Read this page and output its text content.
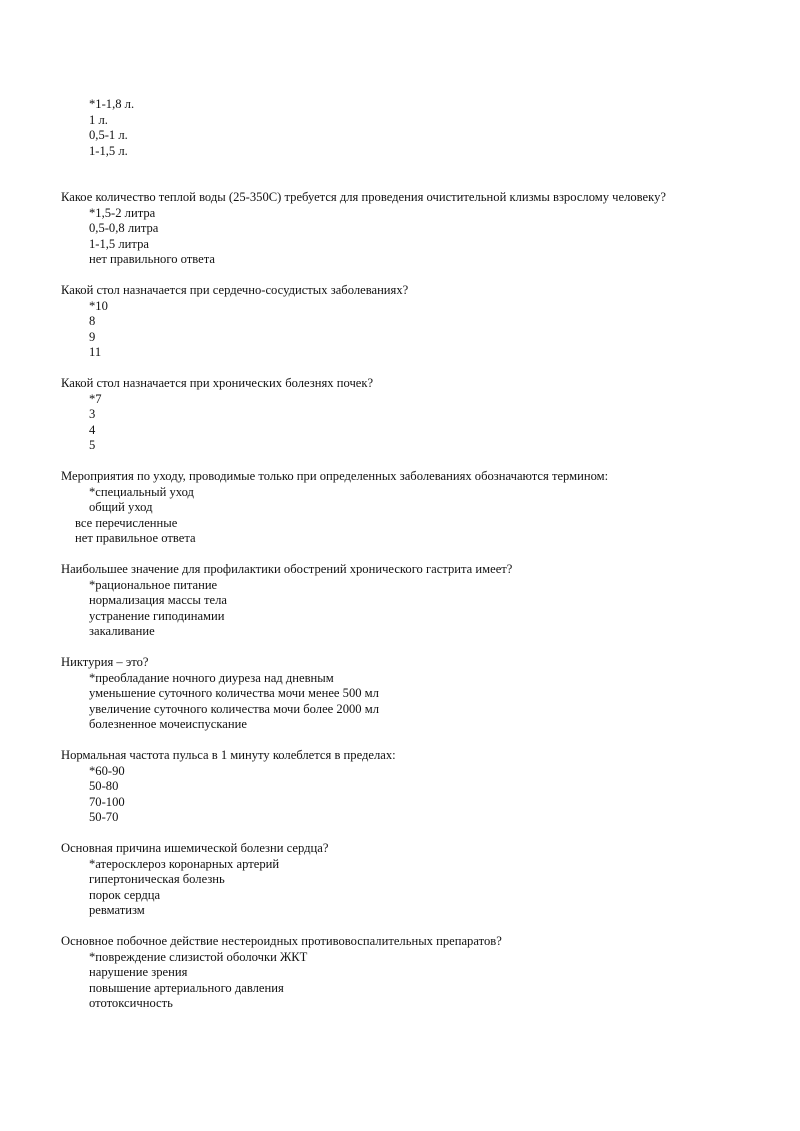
*1-1,8 л.
1 л.
0,5-1 л.
1-1,5 л.
Какое количество теплой воды (25-350С) требуется для проведения очистительной клизмы взрослому человеку?
*1,5-2 литра
0,5-0,8 литра
1-1,5 литра
нет правильного ответа
Какой стол назначается при сердечно-сосудистых заболеваниях?
*10
8
9
11
Какой стол назначается при хронических болезнях почек?
*7
3
4
5
Мероприятия по уходу, проводимые только при определенных заболеваниях обозначаются термином:
*специальный уход
общий уход
все перечисленные
нет правильное ответа
Наибольшее значение для профилактики обострений хронического гастрита имеет?
*рациональное питание
нормализация массы тела
устранение гиподинамии
закаливание
Никтурия – это?
*преобладание ночного диуреза над дневным
уменьшение суточного количества мочи менее 500 мл
увеличение суточного количества мочи более 2000 мл
болезненное мочеиспускание
Нормальная частота пульса в 1 минуту колеблется в пределах:
*60-90
50-80
70-100
50-70
Основная причина ишемической болезни сердца?
*атеросклероз коронарных артерий
гипертоническая болезнь
порок сердца
ревматизм
Основное побочное действие нестероидных противовоспалительных препаратов?
*повреждение слизистой оболочки ЖКТ
нарушение зрения
повышение артериального давления
ототоксичность
